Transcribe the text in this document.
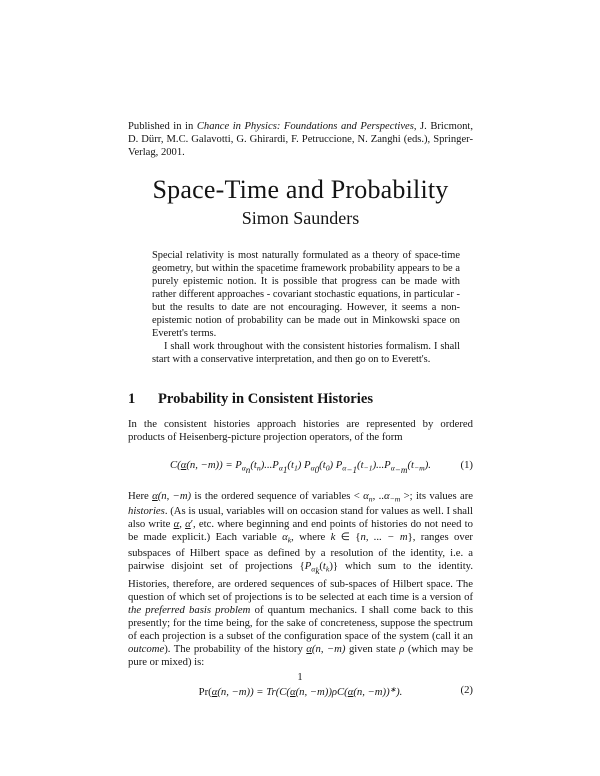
Published in in Chance in Physics: Foundations and Perspectives, J. Bricmont, D. Dürr, M.C. Galavotti, G. Ghirardi, F. Petruccione, N. Zanghi (eds.), Springer-Verlag, 2001.

Space-Time and Probability
Simon Saunders

Special relativity is most naturally formulated as a theory of space-time geometry, but within the spacetime framework probability appears to be a purely epistemic notion. It is possible that progress can be made with rather different approaches - covariant stochastic equations, in particular - but the results to date are not encouraging. However, it seems a non-epistemic notion of probability can be made out in Minkowski space on Everett's terms.

I shall work throughout with the consistent histories formalism. I shall start with a conservative interpretation, and then go on to Everett's.

1	Probability in Consistent Histories

In the consistent histories approach histories are represented by ordered products of Heisenberg-picture projection operators, of the form

C(α(n, $-m)) = P_\alpha n(t_n)...P_\alpha 1(t_1)$ $P_\alpha 0(t_0)$ $P_\alpha-1(t_{-1})...P_\alpha-m(t_{-m})$.	(1)

Here α(n, −m) is the ordered sequence of variables < $\alpha_n$, $..\alpha_{-m}$ >; its values are histories. (As is usual, variables will on occasion stand for values as well. I shall also write α, α′, etc. where beginning and end points of histories do not need to be made explicit.) Each variable $\alpha_k$, where k ∈ {n, ... − m}, ranges over subspaces of Hilbert space as defined by a resolution of the identity, i.e. a pairwise disjoint set of projections $\{P_\alpha k(t_k)\}$ which sum to the identity. Histories, therefore, are ordered sequences of sub-spaces of Hilbert space. The question of which set of projections is to be selected at each time is a version of the preferred basis problem of quantum mechanics. I shall come back to this presently; for the time being, for the sake of concreteness, suppose the spectrum of each projection is a subset of the configuration space of the system (call it an outcome). The probability of the history α(n, −m) given state ρ (which may be pure or mixed) is:

Pr(α(n, −m)) = Tr(C(α(n, −m))ρC(α(n, −m))∗).	(2)
1
